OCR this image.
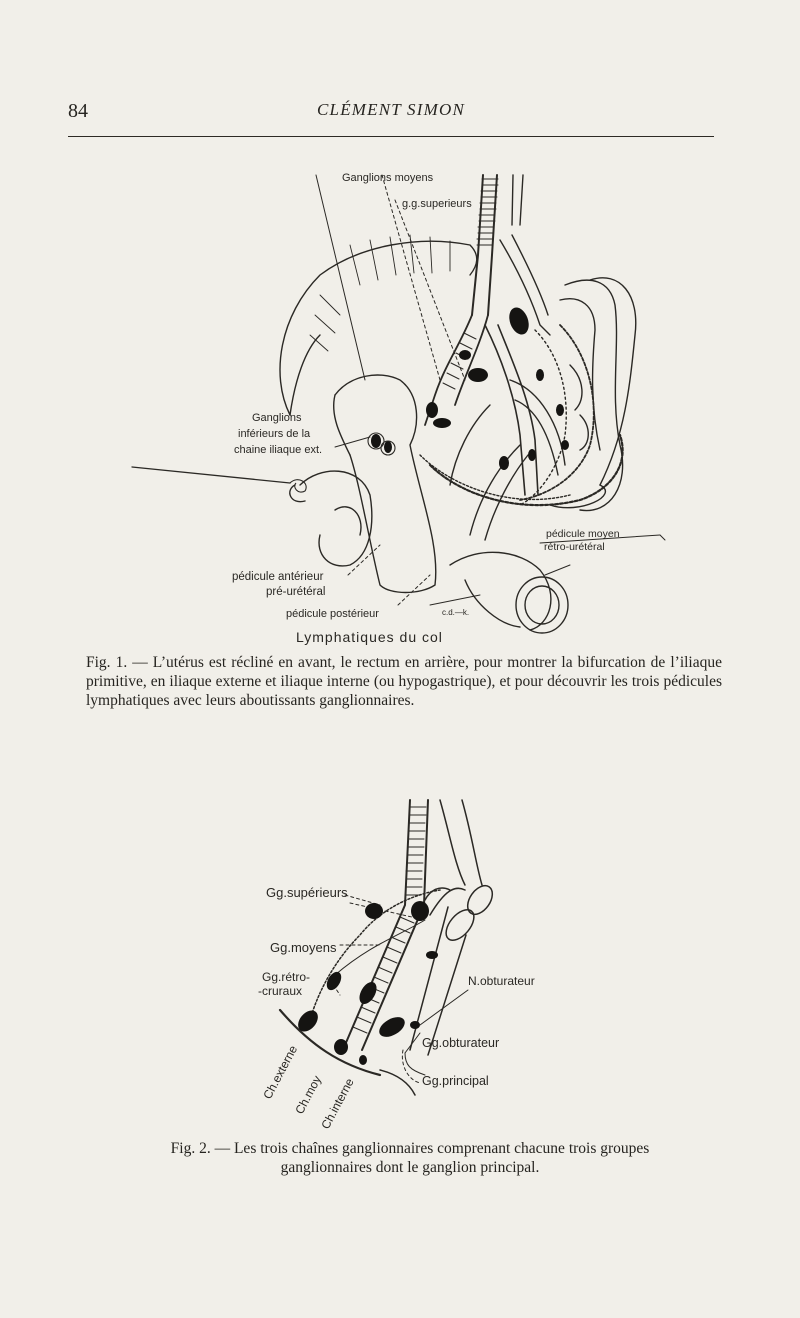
84	CLÉMENT SIMON
Ganglions moyens
g.g.superieurs
Ganglions
inférieurs de la
chaine iliaque ext.
pédicule moyen
rétro-urétéral
pédicule antérieur
pré-urétéral
pédicule postérieur	c.d.—k.
Lymphatiques du col
Fig. 1. — L’utérus est récliné en avant, le rectum en arrière, pour montrer la bifurcation de l’iliaque primitive, en iliaque externe et iliaque interne (ou hypogastrique), et pour découvrir les trois pédicules lymphatiques avec leurs aboutissants ganglionnaires.
Gg.supérieurs
Gg.moyens
Gg.rétro-
-cruraux
N.obturateur
Gg.obturateur
Gg.principal
Ch.externe
Ch.moy
Ch.interne
Fig. 2. — Les trois chaînes ganglionnaires comprenant chacune trois groupes ganglionnaires dont le ganglion principal.
